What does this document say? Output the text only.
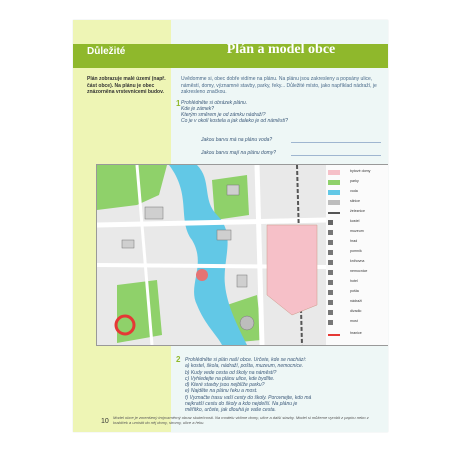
Důležité	Plán a model obce
Plán zobrazuje malé území (např. část obce). Na plánu je obec znázorněna vrstevnicemi budov.
Uvědomme si, obec dobře vidíme na plánu. Na plánu jsou zakresleny a popsány ulice, náměstí, domy, významné stavby, parky, řeky... Důležité místo, jako například nádraží, je zakresleno značkou.
1 Prohlédněte si obrázek plánu.
Kde je zámek?
Kterým směrem je od zámku nádraží?
Co je v okolí kostela a jak daleko je od náměstí?
Jakou barvu má na plánu voda?
Jakou barvu mají na plánu domy?
bytové domy
parky
voda
silnice
železnice
kostel
muzeum
hrad
pomník
knihovna
nemocnice
hotel
pošta
nádraží
divadlo
most
hranice
2 Prohlédněte si plán naší obce. Určete, kde se nachází:
a) kostel, škola, nádraží, pošta, muzeum, nemocnice.
b) Kudy vede cesta od školy na náměstí?
c) Vyhledejte na plánu ulice, kde bydlíte.
d) Které stavby jsou nejblíže parku?
e) Najděte na plánu řeku a most.
f) Vyznačte trasu vaší cesty do školy. Porovnejte, kdo má
nejkratší cestu do školy a kdo nejdelší. Na plánu je
měřítko, určete, jak dlouhá je vaše cesta.
10
Model obce je zmenšený trojrozměrný obraz skutečnosti. Na modelu vidíme domy, ulice a další stavby. Model si můžeme vyrobit z papíru nebo z krabiček a umístit do něj domy, stromy, ulice a řeku.
